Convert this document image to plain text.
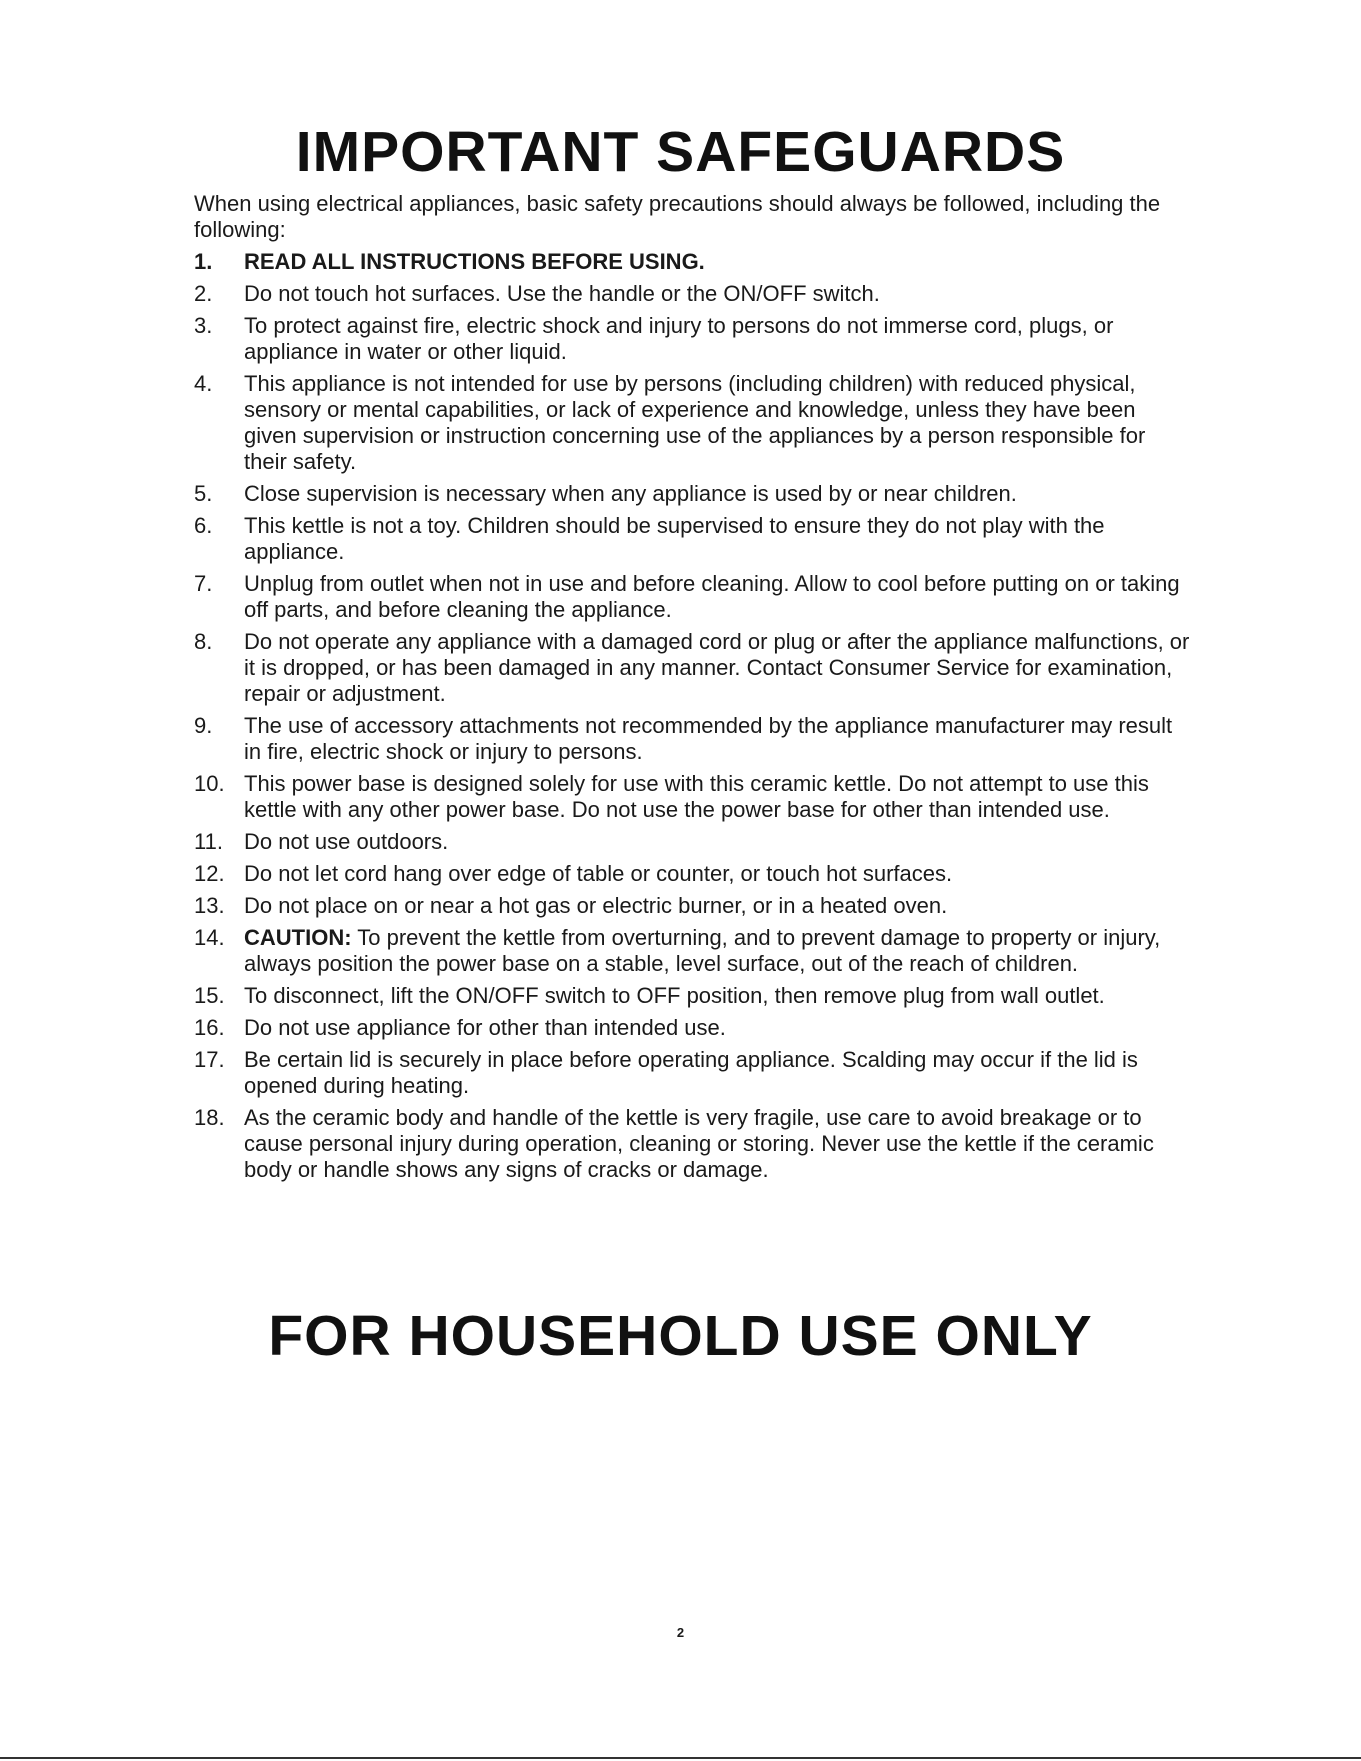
IMPORTANT SAFEGUARDS

When using electrical appliances, basic safety precautions should always be followed, including the following:

1. READ ALL INSTRUCTIONS BEFORE USING.
2. Do not touch hot surfaces. Use the handle or the ON/OFF switch.
3. To protect against fire, electric shock and injury to persons do not immerse cord, plugs, or appliance in water or other liquid.
4. This appliance is not intended for use by persons (including children) with reduced physical, sensory or mental capabilities, or lack of experience and knowledge, unless they have been given supervision or instruction concerning use of the appliances by a person responsible for their safety.
5. Close supervision is necessary when any appliance is used by or near children.
6. This kettle is not a toy. Children should be supervised to ensure they do not play with the appliance.
7. Unplug from outlet when not in use and before cleaning. Allow to cool before putting on or taking off parts, and before cleaning the appliance.
8. Do not operate any appliance with a damaged cord or plug or after the appliance malfunctions, or it is dropped, or has been damaged in any manner. Contact Consumer Service for examination, repair or adjustment.
9. The use of accessory attachments not recommended by the appliance manufacturer may result in fire, electric shock or injury to persons.
10. This power base is designed solely for use with this ceramic kettle. Do not attempt to use this kettle with any other power base. Do not use the power base for other than intended use.
11. Do not use outdoors.
12. Do not let cord hang over edge of table or counter, or touch hot surfaces.
13. Do not place on or near a hot gas or electric burner, or in a heated oven.
14. CAUTION: To prevent the kettle from overturning, and to prevent damage to property or injury, always position the power base on a stable, level surface, out of the reach of children.
15. To disconnect, lift the ON/OFF switch to OFF position, then remove plug from wall outlet.
16. Do not use appliance for other than intended use.
17. Be certain lid is securely in place before operating appliance. Scalding may occur if the lid is opened during heating.
18. As the ceramic body and handle of the kettle is very fragile, use care to avoid breakage or to cause personal injury during operation, cleaning or storing. Never use the kettle if the ceramic body or handle shows any signs of cracks or damage.
FOR HOUSEHOLD USE ONLY
2
